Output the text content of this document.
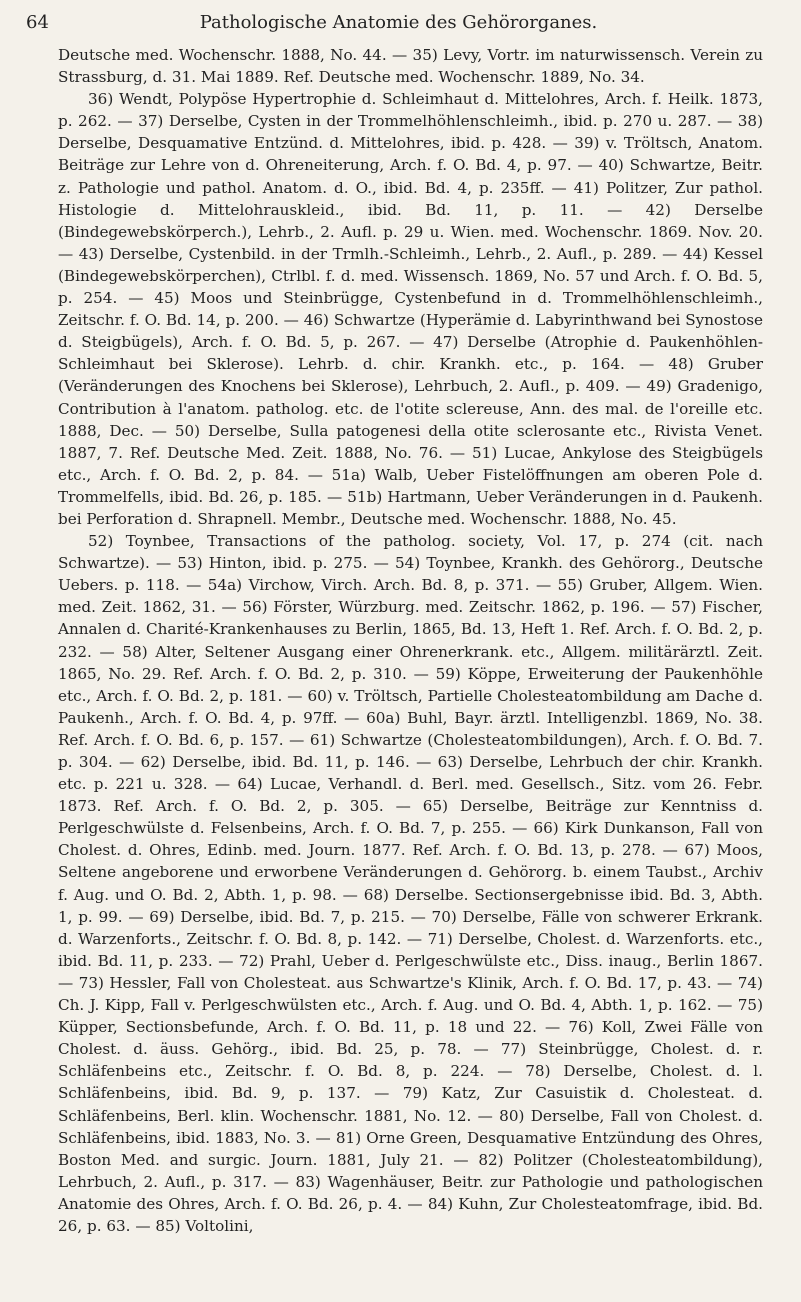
64	Pathologische Anatomie des Gehörorganes.

Deutsche med. Wochenschr. 1888, No. 44. — 35) Levy, Vortr. im naturwissensch. Verein zu Strassburg, d. 31. Mai 1889. Ref. Deutsche med. Wochenschr. 1889, No. 34.

36) Wendt, Polypöse Hypertrophie d. Schleimhaut d. Mittelohres, Arch. f. Heilk. 1873, p. 262. — 37) Derselbe, Cysten in der Trommelhöhlenschleimh., ibid. p. 270 u. 287. — 38) Derselbe, Desquamative Entzünd. d. Mittelohres, ibid. p. 428. — 39) v. Tröltsch, Anatom. Beiträge zur Lehre von d. Ohreneiterung, Arch. f. O. Bd. 4, p. 97. — 40) Schwartze, Beitr. z. Pathologie und pathol. Anatom. d. O., ibid. Bd. 4, p. 235ff. — 41) Politzer, Zur pathol. Histologie d. Mittelohrauskleid., ibid. Bd. 11, p. 11. — 42) Derselbe (Bindegewebskörperch.), Lehrb., 2. Aufl. p. 29 u. Wien. med. Wochenschr. 1869. Nov. 20. — 43) Derselbe, Cystenbild. in der Trmlh.-Schleimh., Lehrb., 2. Aufl., p. 289. — 44) Kessel (Bindegewebskörperchen), Ctrlbl. f. d. med. Wissensch. 1869, No. 57 und Arch. f. O. Bd. 5, p. 254. — 45) Moos und Steinbrügge, Cystenbefund in d. Trommelhöhlenschleimh., Zeitschr. f. O. Bd. 14, p. 200. — 46) Schwartze (Hyperämie d. Labyrinthwand bei Synostose d. Steigbügels), Arch. f. O. Bd. 5, p. 267. — 47) Derselbe (Atrophie d. Paukenhöhlen-Schleimhaut bei Sklerose). Lehrb. d. chir. Krankh. etc., p. 164. — 48) Gruber (Veränderungen des Knochens bei Sklerose), Lehrbuch, 2. Aufl., p. 409. — 49) Gradenigo, Contribution à l'anatom. patholog. etc. de l'otite sclereuse, Ann. des mal. de l'oreille etc. 1888, Dec. — 50) Derselbe, Sulla patogenesi della otite sclerosante etc., Rivista Venet. 1887, 7. Ref. Deutsche Med. Zeit. 1888, No. 76. — 51) Lucae, Ankylose des Steigbügels etc., Arch. f. O. Bd. 2, p. 84. — 51a) Walb, Ueber Fistelöffnungen am oberen Pole d. Trommelfells, ibid. Bd. 26, p. 185. — 51b) Hartmann, Ueber Veränderungen in d. Paukenh. bei Perforation d. Shrapnell. Membr., Deutsche med. Wochenschr. 1888, No. 45.

52) Toynbee, Transactions of the patholog. society, Vol. 17, p. 274 (cit. nach Schwartze). — 53) Hinton, ibid. p. 275. — 54) Toynbee, Krankh. des Gehörorg., Deutsche Uebers. p. 118. — 54a) Virchow, Virch. Arch. Bd. 8, p. 371. — 55) Gruber, Allgem. Wien. med. Zeit. 1862, 31. — 56) Förster, Würzburg. med. Zeitschr. 1862, p. 196. — 57) Fischer, Annalen d. Charité-Krankenhauses zu Berlin, 1865, Bd. 13, Heft 1. Ref. Arch. f. O. Bd. 2, p. 232. — 58) Alter, Seltener Ausgang einer Ohrenerkrank. etc., Allgem. militärärztl. Zeit. 1865, No. 29. Ref. Arch. f. O. Bd. 2, p. 310. — 59) Köppe, Erweiterung der Paukenhöhle etc., Arch. f. O. Bd. 2, p. 181. — 60) v. Tröltsch, Partielle Cholesteatombildung am Dache d. Paukenh., Arch. f. O. Bd. 4, p. 97ff. — 60a) Buhl, Bayr. ärztl. Intelligenzbl. 1869, No. 38. Ref. Arch. f. O. Bd. 6, p. 157. — 61) Schwartze (Cholesteatombildungen), Arch. f. O. Bd. 7. p. 304. — 62) Derselbe, ibid. Bd. 11, p. 146. — 63) Derselbe, Lehrbuch der chir. Krankh. etc. p. 221 u. 328. — 64) Lucae, Verhandl. d. Berl. med. Gesellsch., Sitz. vom 26. Febr. 1873. Ref. Arch. f. O. Bd. 2, p. 305. — 65) Derselbe, Beiträge zur Kenntniss d. Perlgeschwülste d. Felsenbeins, Arch. f. O. Bd. 7, p. 255. — 66) Kirk Dunkanson, Fall von Cholest. d. Ohres, Edinb. med. Journ. 1877. Ref. Arch. f. O. Bd. 13, p. 278. — 67) Moos, Seltene angeborene und erworbene Veränderungen d. Gehörorg. b. einem Taubst., Archiv f. Aug. und O. Bd. 2, Abth. 1, p. 98. — 68) Derselbe. Sectionsergebnisse ibid. Bd. 3, Abth. 1, p. 99. — 69) Derselbe, ibid. Bd. 7, p. 215. — 70) Derselbe, Fälle von schwerer Erkrank. d. Warzenforts., Zeitschr. f. O. Bd. 8, p. 142. — 71) Derselbe, Cholest. d. Warzenforts. etc., ibid. Bd. 11, p. 233. — 72) Prahl, Ueber d. Perlgeschwülste etc., Diss. inaug., Berlin 1867. — 73) Hessler, Fall von Cholesteat. aus Schwartze's Klinik, Arch. f. O. Bd. 17, p. 43. — 74) Ch. J. Kipp, Fall v. Perlgeschwülsten etc., Arch. f. Aug. und O. Bd. 4, Abth. 1, p. 162. — 75) Küpper, Sectionsbefunde, Arch. f. O. Bd. 11, p. 18 und 22. — 76) Koll, Zwei Fälle von Cholest. d. äuss. Gehörg., ibid. Bd. 25, p. 78. — 77) Steinbrügge, Cholest. d. r. Schläfenbeins etc., Zeitschr. f. O. Bd. 8, p. 224. — 78) Derselbe, Cholest. d. l. Schläfenbeins, ibid. Bd. 9, p. 137. — 79) Katz, Zur Casuistik d. Cholesteat. d. Schläfenbeins, Berl. klin. Wochenschr. 1881, No. 12. — 80) Derselbe, Fall von Cholest. d. Schläfenbeins, ibid. 1883, No. 3. — 81) Orne Green, Desquamative Entzündung des Ohres, Boston Med. and surgic. Journ. 1881, July 21. — 82) Politzer (Cholesteatombildung), Lehrbuch, 2. Aufl., p. 317. — 83) Wagenhäuser, Beitr. zur Pathologie und pathologischen Anatomie des Ohres, Arch. f. O. Bd. 26, p. 4. — 84) Kuhn, Zur Cholesteatomfrage, ibid. Bd. 26, p. 63. — 85) Voltolini,
